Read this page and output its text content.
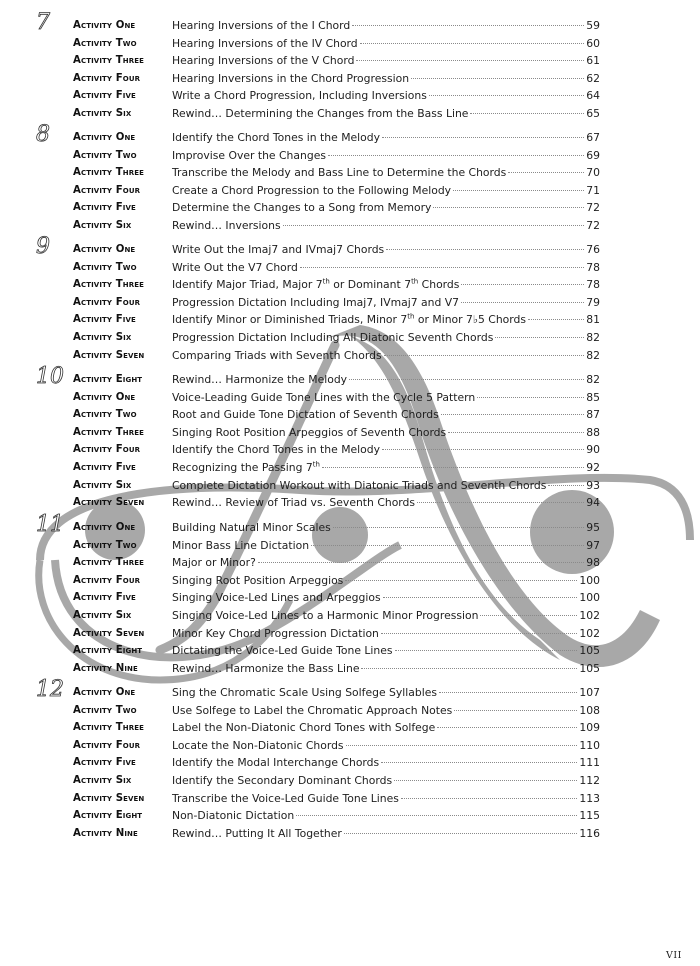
7	Activity One	Hearing Inversions of the I Chord	59
Activity Two	Hearing Inversions of the IV Chord	60
Activity Three	Hearing Inversions of the V Chord	61
Activity Four	Hearing Inversions in the Chord Progression	62
Activity Five	Write a Chord Progression, Including Inversions	64
Activity Six	Rewind… Determining the Changes from the Bass Line	65
8	Activity One	Identify the Chord Tones in the Melody	67
Activity Two	Improvise Over the Changes	69
Activity Three	Transcribe the Melody and Bass Line to Determine the Chords	70
Activity Four	Create a Chord Progression to the Following Melody	71
Activity Five	Determine the Changes to a Song from Memory	72
Activity Six	Rewind… Inversions	72
9	Activity One	Write Out the Imaj7 and IVmaj7 Chords	76
Activity Two	Write Out the V7 Chord	78
Activity Three	Identify Major Triad, Major 7th or Dominant 7th Chords	78
Activity Four	Progression Dictation Including Imaj7, IVmaj7 and V7	79
Activity Five	Identify Minor or Diminished Triads, Minor 7th or Minor 7♭5 Chords	81
Activity Six	Progression Dictation Including All Diatonic Seventh Chords	82
Activity Seven	Comparing Triads with Seventh Chords	82
10 Activity Eight	Rewind… Harmonize the Melody	82
Activity One	Voice-Leading Guide Tone Lines with the Cycle 5 Pattern	85
Activity Two	Root and Guide Tone Dictation of Seventh Chords	87
Activity Three	Singing Root Position Arpeggios of Seventh Chords	88
Activity Four	Identify the Chord Tones in the Melody	90
Activity Five	Recognizing the Passing 7th	92
Activity Six	Complete Dictation Workout with Diatonic Triads and Seventh Chords	93
Activity Seven	Rewind… Review of Triad vs. Seventh Chords	94
11 Activity One	Building Natural Minor Scales	95
Activity Two	Minor Bass Line Dictation	97
Activity Three	Major or Minor?	98
Activity Four	Singing Root Position Arpeggios	100
Activity Five	Singing Voice-Led Lines and Arpeggios	100
Activity Six	Singing Voice-Led Lines to a Harmonic Minor Progression	102
Activity Seven	Minor Key Chord Progression Dictation	102
Activity Eight	Dictating the Voice-Led Guide Tone Lines	105
Activity Nine	Rewind… Harmonize the Bass Line	105
12 Activity One	Sing the Chromatic Scale Using Solfege Syllables	107
Activity Two	Use Solfege to Label the Chromatic Approach Notes	108
Activity Three	Label the Non-Diatonic Chord Tones with Solfege	109
Activity Four	Locate the Non-Diatonic Chords	110
Activity Five	Identify the Modal Interchange Chords	111
Activity Six	Identify the Secondary Dominant Chords	112
Activity Seven	Transcribe the Voice-Led Guide Tone Lines	113
Activity Eight	Non-Diatonic Dictation	115
Activity Nine	Rewind… Putting It All Together	116
VII
